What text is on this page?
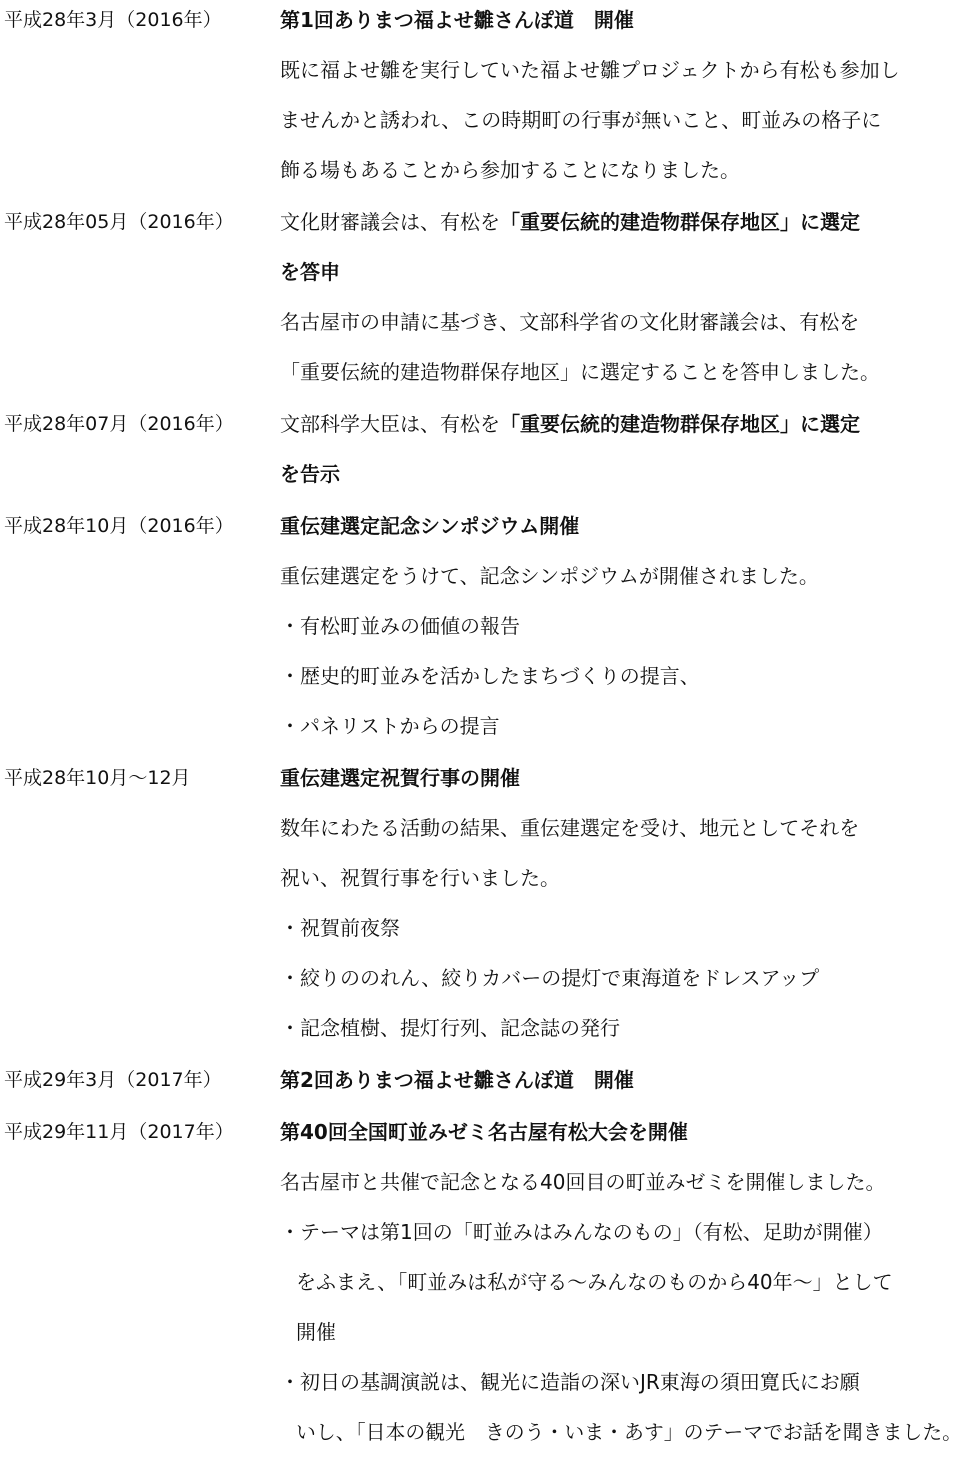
平成28年3月（2016年）	第1回ありまつ福よせ雛さんぽ道　開催
既に福よせ雛を実行していた福よせ雛プロジェクトから有松も参加し
ませんかと誘われ、この時期町の行事が無いこと、町並みの格子に
飾る場もあることから参加することになりました。
平成28年05月（2016年） 文化財審議会は、有松を「重要伝統的建造物群保存地区」に選定
を答申
名古屋市の申請に基づき、文部科学省の文化財審議会は、有松を
「重要伝統的建造物群保存地区」に選定することを答申しました。
平成28年07月（2016年） 文部科学大臣は、有松を「重要伝統的建造物群保存地区」に選定
を告示
平成28年10月（2016年） 重伝建選定記念シンポジウム開催
重伝建選定をうけて、記念シンポジウムが開催されました。
・有松町並みの価値の報告
・歴史的町並みを活かしたまちづくりの提言、
・パネリストからの提言
平成28年10月～12月	重伝建選定祝賀行事の開催
数年にわたる活動の結果、重伝建選定を受け、地元としてそれを
祝い、祝賀行事を行いました。
・祝賀前夜祭
・絞りののれん、絞りカバーの提灯で東海道をドレスアップ
・記念植樹、提灯行列、記念誌の発行
平成29年3月（2017年）	第2回ありまつ福よせ雛さんぽ道　開催
平成29年11月（2017年） 第40回全国町並みゼミ名古屋有松大会を開催
名古屋市と共催で記念となる40回目の町並みゼミを開催しました。
・テーマは第1回の「町並みはみんなのもの」（有松、足助が開催）
をふまえ、「町並みは私が守る～みんなのものから40年～」として
開催
・初日の基調演説は、観光に造詣の深いJR東海の須田寛氏にお願
いし、「日本の観光　きのう・いま・あす」のテーマでお話を聞きました。
